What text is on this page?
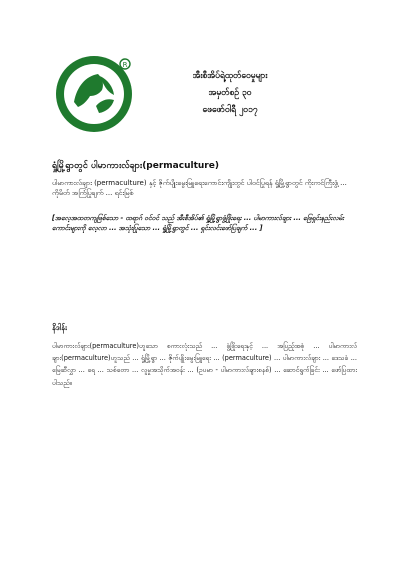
R
အီးစီအိပ်ရဲ့ထုတ်ဝေမှုများ
အမှတ်စဉ် ၃၀
ဖေဖော်ဝါရီ ၂၀၁၇
ရှုံ့မြို့ရွာတွင် ပါမာကားလ်ချား(permaculture)
ပါမာကားလ်ချား (permaculture) နှင့် ဇိုက်ပျိုးမွေးမြူရေးကောင်းကျိုးတွင် ပါဝင်ပြုရန် ရှုံ့မြို့ရွာတွင် ကိုးကင်ကြီးဖွံ့ ... ကိုမိတ် အကြံပြုချက် ... ရင်းမြစ်
[အလေ့အထတကျဖြစ်သော - ထရာဂ် ဝင်ဝင် သည် အီးစီအိပ်၏ ရှုံ့မြို့ရွာဖွံ့ဖြိုးရေး ... ပါမာကားလ်ချား ... ဖြေရှင်းနည်းလမ်းကောင်းများကို လေ့လာ ... အသုံးပြုသော ... ရှုံ့မြို့ရွာတွင် ... ရှင်းလင်းဖော်ပြချက် ... ]
နိဒါန်း
ပါမာကားလ်ချား(permaculture)ဟူသော စကားလုံးသည် ... ဖွံ့ဖြိုးရေးနှင့် ... အပြည့်အစုံ ... ပါမာကားလ်ချား(permaculture)ဟူသည် ... ရှုံ့မြို့ရွာ ... ဇိုက်ပျိုးမွေးမြူရေး ... (permaculture) ... ပါမာကားလ်ချား ... ဒေသခံ ... မြေဆီလွှာ ... ရေ ... သစ်တော ... လူမှုအသိုက်အဝန်း ... (ဥပမာ - ပါမာကားလ်ချားစနစ်) ... ဆောင်ရွက်ခြင်း ... ဖော်ပြထားပါသည်။
